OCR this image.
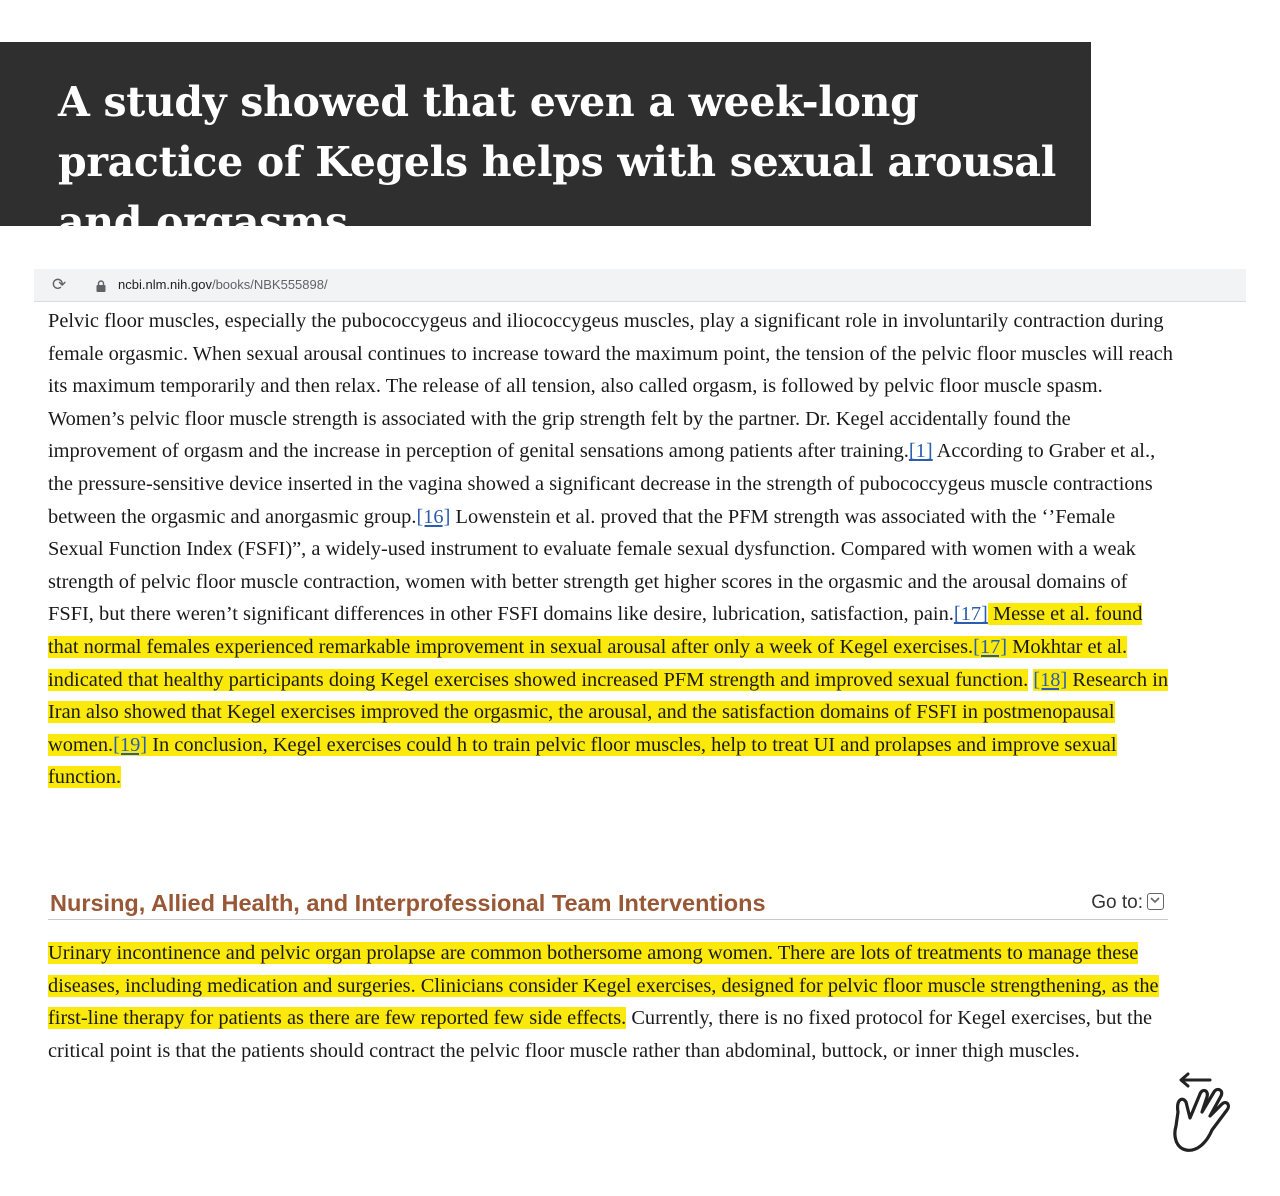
A study showed that even a week-long practice of Kegels helps with sexual arousal and orgasms
⟳	ncbi.nlm.nih.gov/books/NBK555898/

Pelvic floor muscles, especially the pubococcygeus and iliococcygeus muscles, play a significant role in involuntarily contraction during female orgasmic. When sexual arousal continues to increase toward the maximum point, the tension of the pelvic floor muscles will reach its maximum temporarily and then relax. The release of all tension, also called orgasm, is followed by pelvic floor muscle spasm. Women’s pelvic floor muscle strength is associated with the grip strength felt by the partner. Dr. Kegel accidentally found the improvement of orgasm and the increase in perception of genital sensations among patients after training.[1] According to Graber et al., the pressure-sensitive device inserted in the vagina showed a significant decrease in the strength of pubococcygeus muscle contractions between the orgasmic and anorgasmic group.[16] Lowenstein et al. proved that the PFM strength was associated with the ‘’Female Sexual Function Index (FSFI)”, a widely-used instrument to evaluate female sexual dysfunction. Compared with women with a weak strength of pelvic floor muscle contraction, women with better strength get higher scores in the orgasmic and the arousal domains of FSFI, but there weren’t significant differences in other FSFI domains like desire, lubrication, satisfaction, pain.[17] Messe et al. found that normal females experienced remarkable improvement in sexual arousal after only a week of Kegel exercises.[17] Mokhtar et al. indicated that healthy participants doing Kegel exercises showed increased PFM strength and improved sexual function. [18] Research in Iran also showed that Kegel exercises improved the orgasmic, the arousal, and the satisfaction domains of FSFI in postmenopausal women.[19] In conclusion, Kegel exercises could h to train pelvic floor muscles, help to treat UI and prolapses and improve sexual function.

Nursing, Allied Health, and Interprofessional Team Interventions	Go to:

Urinary incontinence and pelvic organ prolapse are common bothersome among women. There are lots of treatments to manage these diseases, including medication and surgeries. Clinicians consider Kegel exercises, designed for pelvic floor muscle strengthening, as the first-line therapy for patients as there are few reported few side effects. Currently, there is no fixed protocol for Kegel exercises, but the critical point is that the patients should contract the pelvic floor muscle rather than abdominal, buttock, or inner thigh muscles.
